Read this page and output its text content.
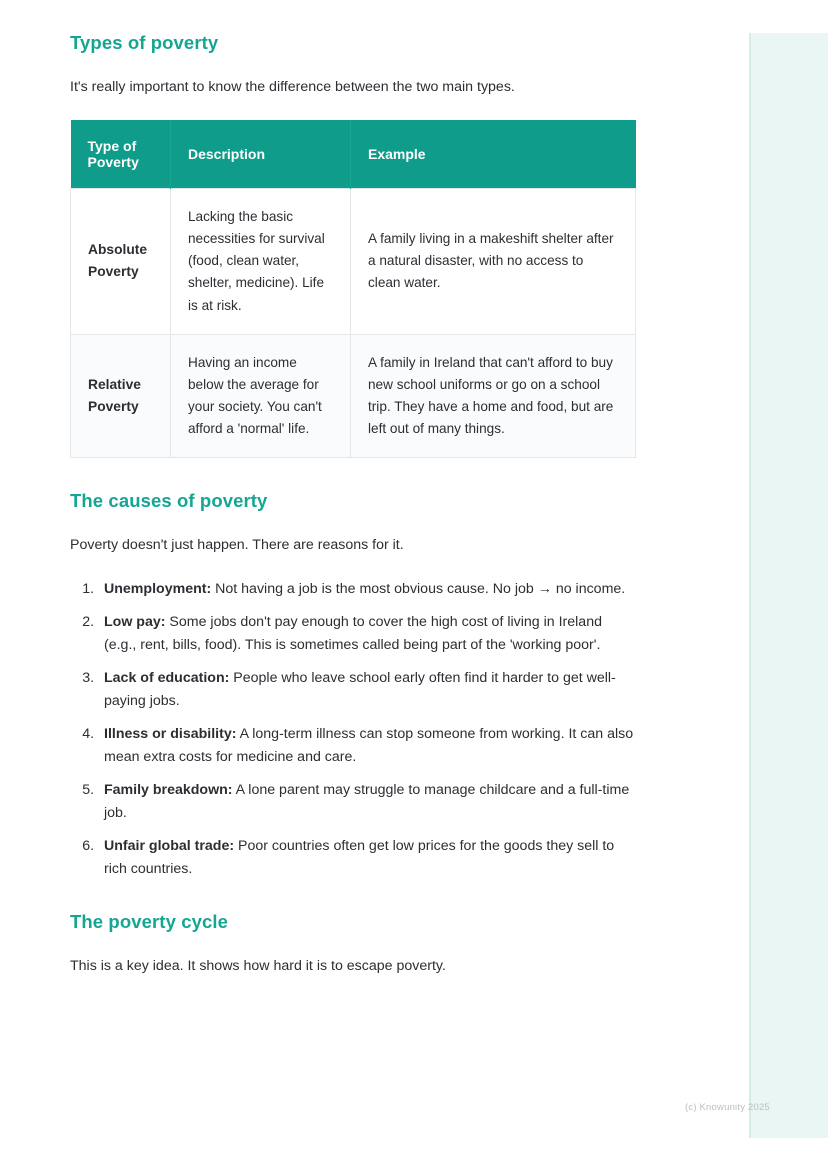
Types of poverty

It's really important to know the difference between the two main types.

Type of Poverty	Description	Example
Absolute Poverty	Lacking the basic necessities for survival (food, clean water, shelter, medicine). Life is at risk.	A family living in a makeshift shelter after a natural disaster, with no access to clean water.
Relative Poverty	Having an income below the average for your society. You can't afford a 'normal' life.	A family in Ireland that can't afford to buy new school uniforms or go on a school trip. They have a home and food, but are left out of many things.
The causes of poverty

Poverty doesn't just happen. There are reasons for it.

1. Unemployment: Not having a job is the most obvious cause. No job → no income.
2. Low pay: Some jobs don't pay enough to cover the high cost of living in Ireland (e.g., rent, bills, food). This is sometimes called being part of the 'working poor'.
3. Lack of education: People who leave school early often find it harder to get well-paying jobs.
4. Illness or disability: A long-term illness can stop someone from working. It can also mean extra costs for medicine and care.
5. Family breakdown: A lone parent may struggle to manage childcare and a full-time job.
6. Unfair global trade: Poor countries often get low prices for the goods they sell to rich countries.
The poverty cycle

This is a key idea. It shows how hard it is to escape poverty.

(c) Knowunity 2025
